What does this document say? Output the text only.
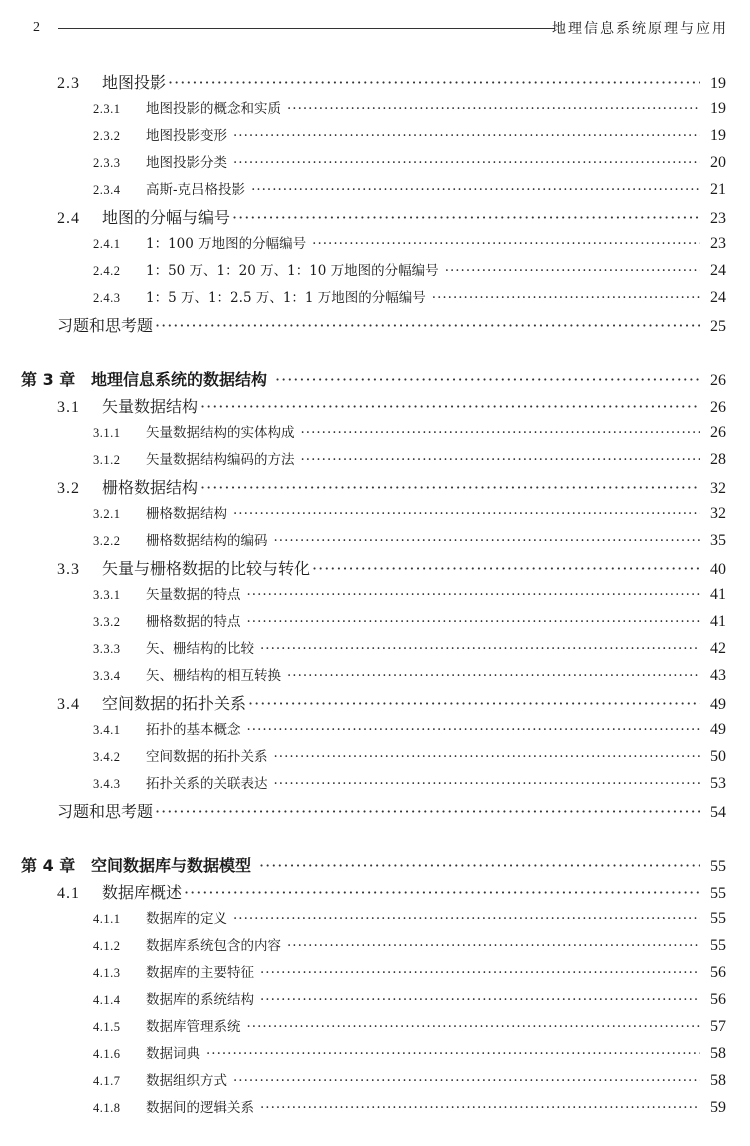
2	地理信息系统原理与应用
2.3	地图投影 ·····	19
2.3.1	地图投影的概念和实质 ·····	19
2.3.2	地图投影变形 ·····	19
2.3.3	地图投影分类 ·····	20
2.3.4	高斯-克吕格投影 ·····	21
2.4	地图的分幅与编号 ·····	23
2.4.1	1：100 万地图的分幅编号 ·····	23
2.4.2	1：50 万、1：20 万、1：10 万地图的分幅编号 ·····	24
2.4.3	1：5 万、1：2.5 万、1：1 万地图的分幅编号 ·····	24
习题和思考题 ·····	25
第 3 章 地理信息系统的数据结构 ·····	26
3.1	矢量数据结构 ·····	26
3.1.1	矢量数据结构的实体构成 ·····	26
3.1.2	矢量数据结构编码的方法 ·····	28
3.2	栅格数据结构 ·····	32
3.2.1	栅格数据结构 ·····	32
3.2.2	栅格数据结构的编码 ·····	35
3.3	矢量与栅格数据的比较与转化 ·····	40
3.3.1	矢量数据的特点 ·····	41
3.3.2	栅格数据的特点 ·····	41
3.3.3	矢、栅结构的比较 ·····	42
3.3.4	矢、栅结构的相互转换 ·····	43
3.4	空间数据的拓扑关系 ·····	49
3.4.1	拓扑的基本概念 ·····	49
3.4.2	空间数据的拓扑关系 ·····	50
3.4.3	拓扑关系的关联表达 ·····	53
习题和思考题 ·····	54
第 4 章 空间数据库与数据模型 ·····	55
4.1	数据库概述 ·····	55
4.1.1	数据库的定义 ·····	55
4.1.2	数据库系统包含的内容 ·····	55
4.1.3	数据库的主要特征 ·····	56
4.1.4	数据库的系统结构 ·····	56
4.1.5	数据库管理系统 ·····	57
4.1.6	数据词典 ·····	58
4.1.7	数据组织方式 ·····	58
4.1.8	数据间的逻辑关系 ·····	59
